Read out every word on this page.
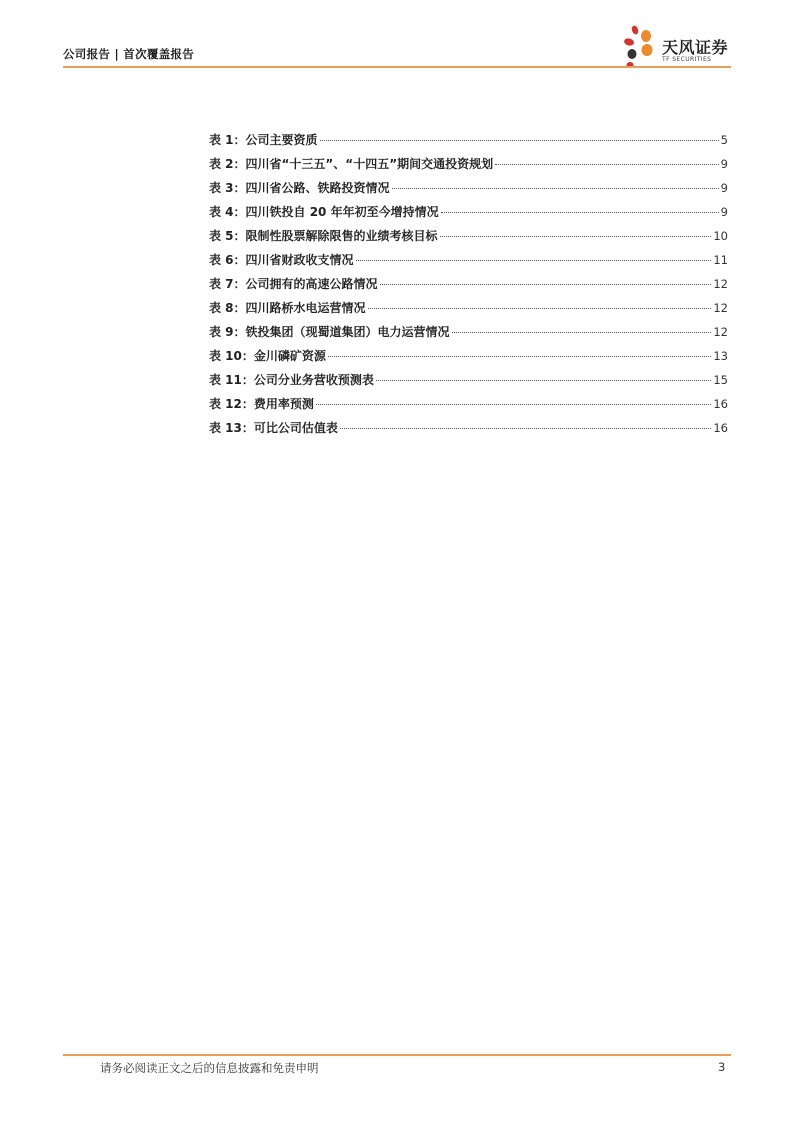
公司报告 | 首次覆盖报告	天风证券
TF SECURITIES
表 1：公司主要资质	5
表 2：四川省“十三五”、“十四五”期间交通投资规划	9
表 3：四川省公路、铁路投资情况	9
表 4：四川铁投自 20 年年初至今增持情况	9
表 5：限制性股票解除限售的业绩考核目标	10
表 6：四川省财政收支情况	11
表 7：公司拥有的高速公路情况	12
表 8：四川路桥水电运营情况	12
表 9：铁投集团（现蜀道集团）电力运营情况	12
表 10：金川磷矿资源	13
表 11：公司分业务营收预测表	15
表 12：费用率预测	16
表 13：可比公司估值表	16
请务必阅读正文之后的信息披露和免责申明	3
